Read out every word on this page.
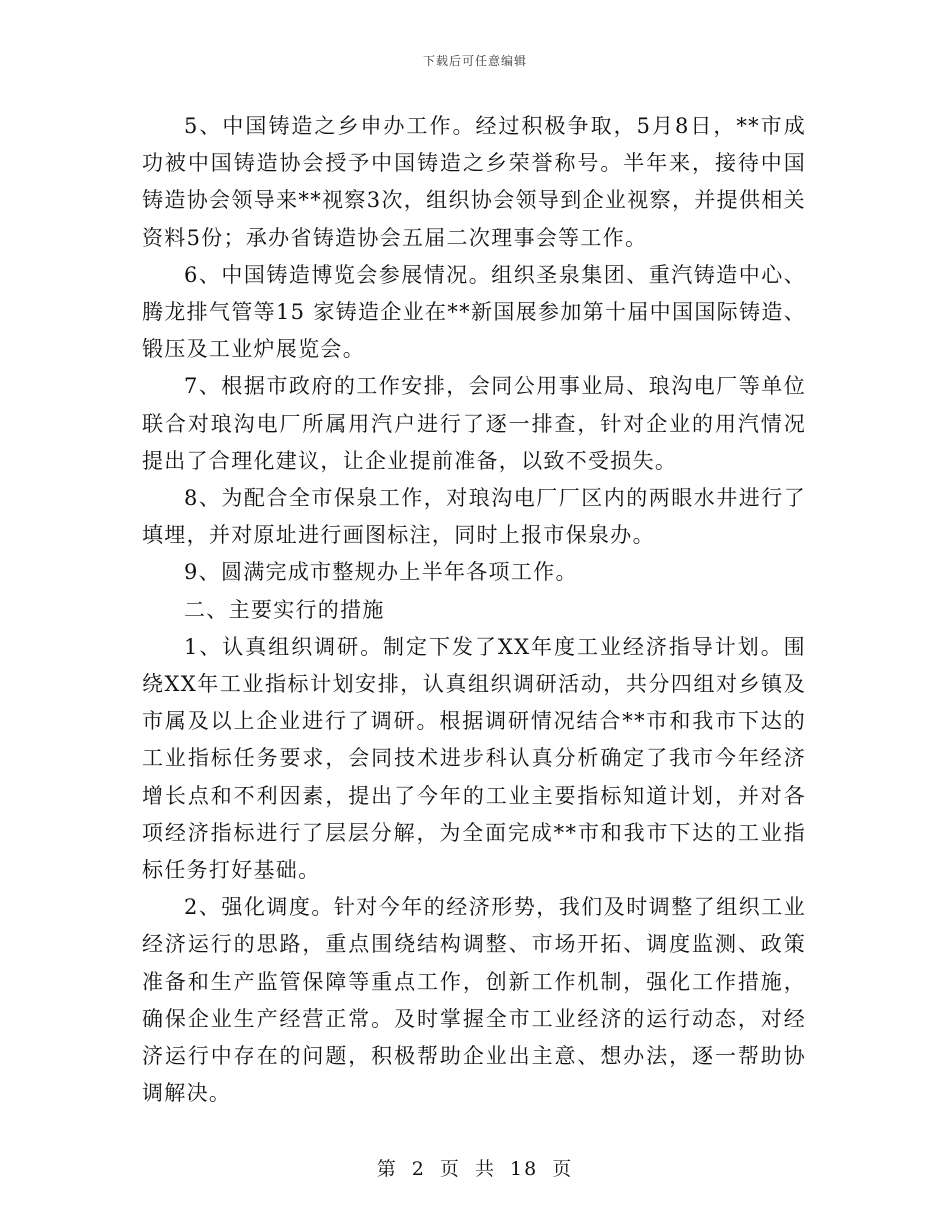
下载后可任意编辑

5、中国铸造之乡申办工作。经过积极争取，5月8日，**市成功被中国铸造协会授予中国铸造之乡荣誉称号。半年来，接待中国铸造协会领导来**视察3次，组织协会领导到企业视察，并提供相关资料5份；承办省铸造协会五届二次理事会等工作。

6、中国铸造博览会参展情况。组织圣泉集团、重汽铸造中心、腾龙排气管等15 家铸造企业在**新国展参加第十届中国国际铸造、锻压及工业炉展览会。

7、根据市政府的工作安排，会同公用事业局、琅沟电厂等单位联合对琅沟电厂所属用汽户进行了逐一排查，针对企业的用汽情况提出了合理化建议，让企业提前准备，以致不受损失。

8、为配合全市保泉工作，对琅沟电厂厂区内的两眼水井进行了填埋，并对原址进行画图标注，同时上报市保泉办。

9、圆满完成市整规办上半年各项工作。

二、主要实行的措施

1、认真组织调研。制定下发了XX年度工业经济指导计划。围绕XX年工业指标计划安排，认真组织调研活动，共分四组对乡镇及市属及以上企业进行了调研。根据调研情况结合**市和我市下达的工业指标任务要求，会同技术进步科认真分析确定了我市今年经济增长点和不利因素，提出了今年的工业主要指标知道计划，并对各项经济指标进行了层层分解，为全面完成**市和我市下达的工业指标任务打好基础。

2、强化调度。针对今年的经济形势，我们及时调整了组织工业经济运行的思路，重点围绕结构调整、市场开拓、调度监测、政策准备和生产监管保障等重点工作，创新工作机制，强化工作措施，确保企业生产经营正常。及时掌握全市工业经济的运行动态，对经济运行中存在的问题，积极帮助企业出主意、想办法，逐一帮助协调解决。

第 2 页 共 18 页
